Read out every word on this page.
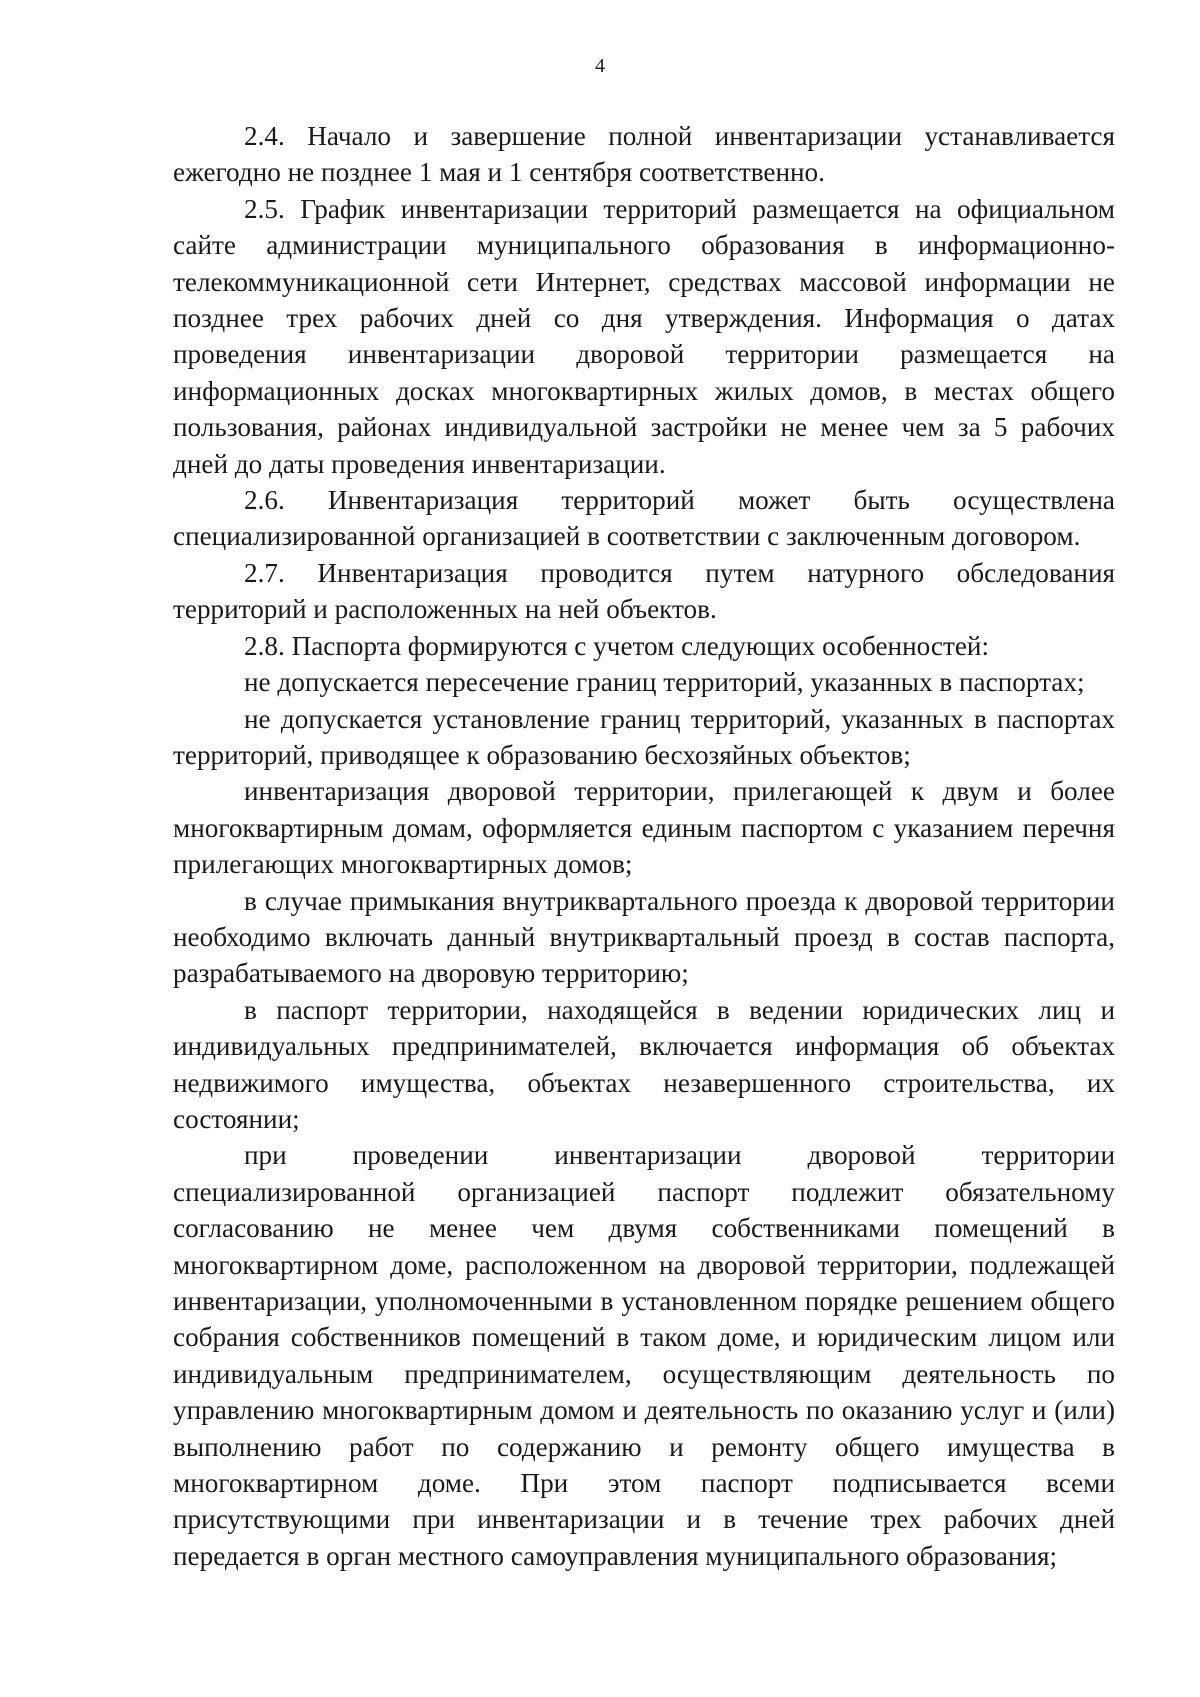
4

2.4. Начало и завершение полной инвентаризации устанавливается ежегодно не позднее 1 мая и 1 сентября соответственно.

2.5. График инвентаризации территорий размещается на официальном сайте администрации муниципального образования в информационно-телекоммуникационной сети Интернет, средствах массовой информации не позднее трех рабочих дней со дня утверждения. Информация о датах проведения инвентаризации дворовой территории размещается на информационных досках многоквартирных жилых домов, в местах общего пользования, районах индивидуальной застройки не менее чем за 5 рабочих дней до даты проведения инвентаризации.

2.6. Инвентаризация территорий может быть осуществлена специализированной организацией в соответствии с заключенным договором.

2.7. Инвентаризация проводится путем натурного обследования территорий и расположенных на ней объектов.

2.8. Паспорта формируются с учетом следующих особенностей:

не допускается пересечение границ территорий, указанных в паспортах;

не допускается установление границ территорий, указанных в паспортах территорий, приводящее к образованию бесхозяйных объектов;

инвентаризация дворовой территории, прилегающей к двум и более многоквартирным домам, оформляется единым паспортом с указанием перечня прилегающих многоквартирных домов;

в случае примыкания внутриквартального проезда к дворовой территории необходимо включать данный внутриквартальный проезд в состав паспорта, разрабатываемого на дворовую территорию;

в паспорт территории, находящейся в ведении юридических лиц и индивидуальных предпринимателей, включается информация об объектах недвижимого имущества, объектах незавершенного строительства, их состоянии;

при проведении инвентаризации дворовой территории специализированной организацией паспорт подлежит обязательному согласованию не менее чем двумя собственниками помещений в многоквартирном доме, расположенном на дворовой территории, подлежащей инвентаризации, уполномоченными в установленном порядке решением общего собрания собственников помещений в таком доме, и юридическим лицом или индивидуальным предпринимателем, осуществляющим деятельность по управлению многоквартирным домом и деятельность по оказанию услуг и (или) выполнению работ по содержанию и ремонту общего имущества в многоквартирном доме. При этом паспорт подписывается всеми присутствующими при инвентаризации и в течение трех рабочих дней передается в орган местного самоуправления муниципального образования;
